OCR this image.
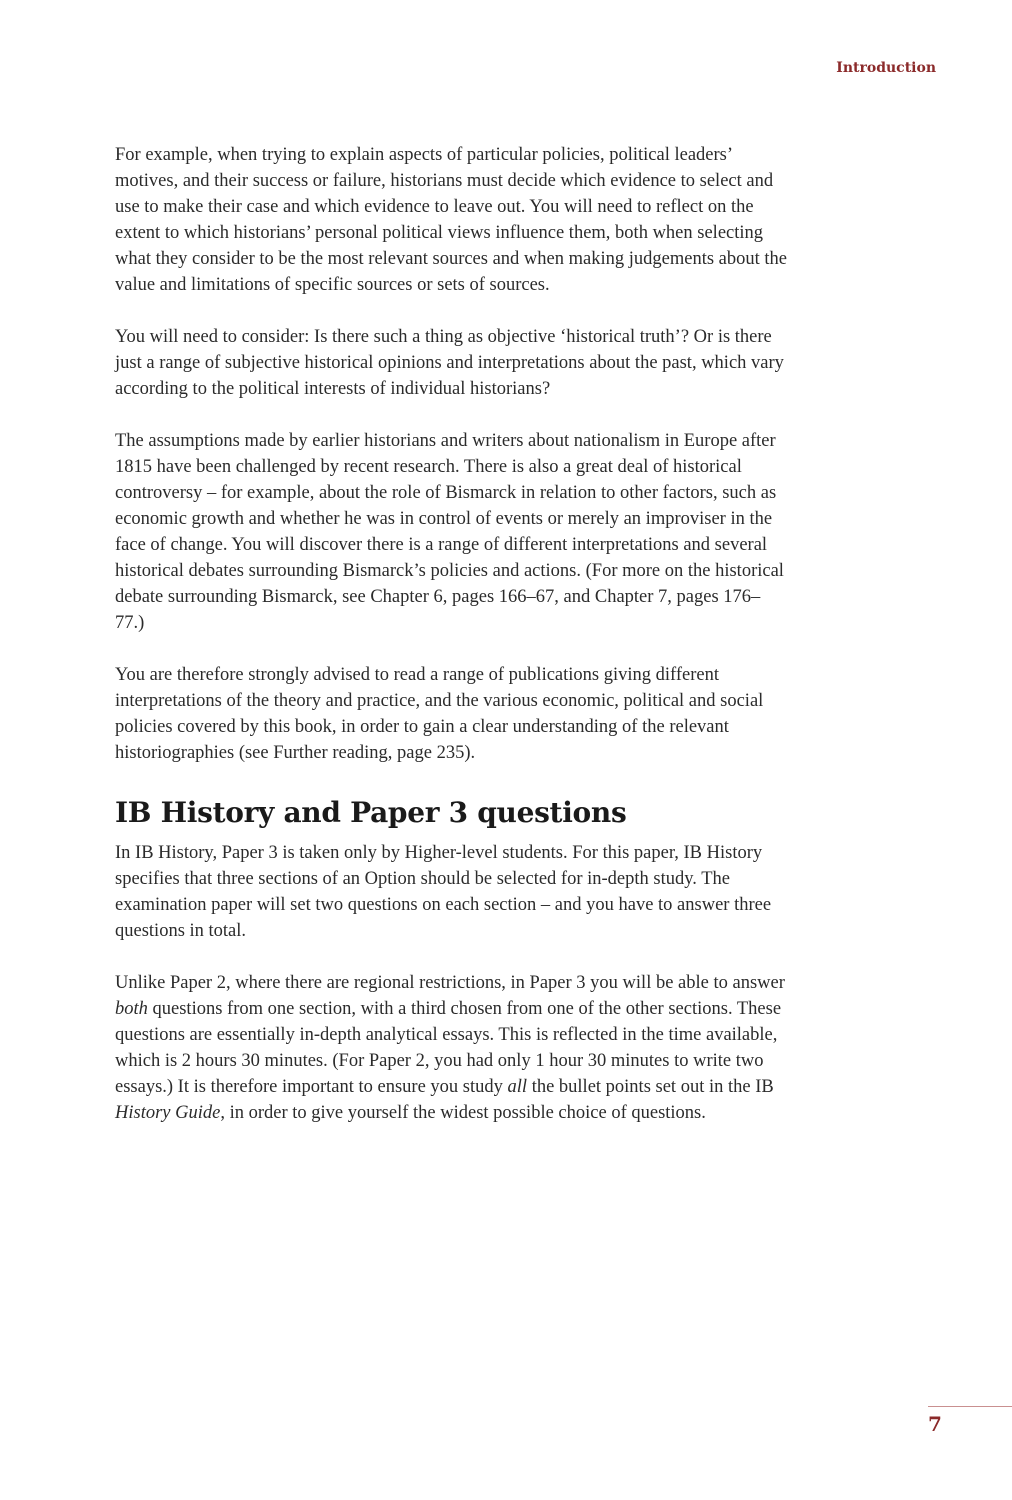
Introduction

For example, when trying to explain aspects of particular policies, political leaders’ motives, and their success or failure, historians must decide which evidence to select and use to make their case and which evidence to leave out. You will need to reflect on the extent to which historians’ personal political views influence them, both when selecting what they consider to be the most relevant sources and when making judgements about the value and limitations of specific sources or sets of sources.

You will need to consider: Is there such a thing as objective ‘historical truth’? Or is there just a range of subjective historical opinions and interpretations about the past, which vary according to the political interests of individual historians?

The assumptions made by earlier historians and writers about nationalism in Europe after 1815 have been challenged by recent research. There is also a great deal of historical controversy – for example, about the role of Bismarck in relation to other factors, such as economic growth and whether he was in control of events or merely an improviser in the face of change. You will discover there is a range of different interpretations and several historical debates surrounding Bismarck’s policies and actions. (For more on the historical debate surrounding Bismarck, see Chapter 6, pages 166–67, and Chapter 7, pages 176–77.)

You are therefore strongly advised to read a range of publications giving different interpretations of the theory and practice, and the various economic, political and social policies covered by this book, in order to gain a clear understanding of the relevant historiographies (see Further reading, page 235).

IB History and Paper 3 questions

In IB History, Paper 3 is taken only by Higher-level students. For this paper, IB History specifies that three sections of an Option should be selected for in-depth study. The examination paper will set two questions on each section – and you have to answer three questions in total.

Unlike Paper 2, where there are regional restrictions, in Paper 3 you will be able to answer both questions from one section, with a third chosen from one of the other sections. These questions are essentially in-depth analytical essays. This is reflected in the time available, which is 2 hours 30 minutes. (For Paper 2, you had only 1 hour 30 minutes to write two essays.) It is therefore important to ensure you study all the bullet points set out in the IB History Guide, in order to give yourself the widest possible choice of questions.

7
